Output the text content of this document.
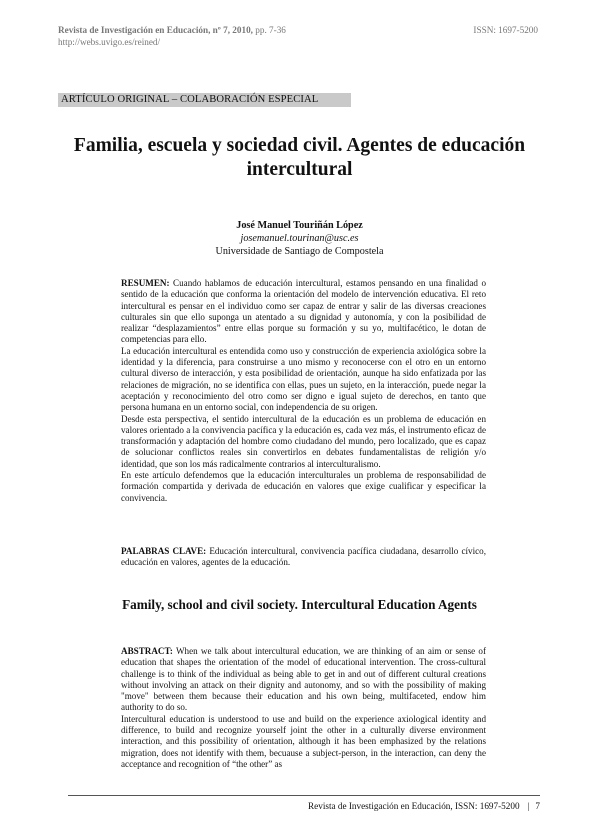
Revista de Investigación en Educación, nº 7, 2010, pp. 7-36	ISSN: 1697-5200
http://webs.uvigo.es/reined/
ARTÍCULO ORIGINAL – COLABORACIÓN ESPECIAL
Familia, escuela y sociedad civil. Agentes de educación intercultural
José Manuel Touriñán López
josemanuel.tourinan@usc.es
Universidade de Santiago de Compostela

RESUMEN: Cuando hablamos de educación intercultural, estamos pensando en una finalidad o sentido de la educación que conforma la orientación del modelo de intervención educativa. El reto intercultural es pensar en el individuo como ser capaz de entrar y salir de las diversas creaciones culturales sin que ello suponga un atentado a su dignidad y autonomía, y con la posibilidad de realizar “desplazamientos” entre ellas porque su formación y su yo, multifacético, le dotan de competencias para ello.

La educación intercultural es entendida como uso y construcción de experiencia axiológica sobre la identidad y la diferencia, para construirse a uno mismo y reconocerse con el otro en un entorno cultural diverso de interacción, y esta posibilidad de orientación, aunque ha sido enfatizada por las relaciones de migración, no se identifica con ellas, pues un sujeto, en la interacción, puede negar la aceptación y reconocimiento del otro como ser digno e igual sujeto de derechos, en tanto que persona humana en un entorno social, con independencia de su origen.

Desde esta perspectiva, el sentido intercultural de la educación es un problema de educación en valores orientado a la convivencia pacífica y la educación es, cada vez más, el instrumento eficaz de transformación y adaptación del hombre como ciudadano del mundo, pero localizado, que es capaz de solucionar conflictos reales sin convertirlos en debates fundamentalistas de religión y/o identidad, que son los más radicalmente contrarios al interculturalismo.

En este artículo defendemos que la educación interculturales un problema de responsabilidad de formación compartida y derivada de educación en valores que exige cualificar y especificar la convivencia.

PALABRAS CLAVE: Educación intercultural, convivencia pacífica ciudadana, desarrollo cívico, educación en valores, agentes de la educación.

Family, school and civil society. Intercultural Education Agents

ABSTRACT: When we talk about intercultural education, we are thinking of an aim or sense of education that shapes the orientation of the model of educational intervention. The cross-cultural challenge is to think of the individual as being able to get in and out of different cultural creations without involving an attack on their dignity and autonomy, and so with the possibility of making "move" between them because their education and his own being, multifaceted, endow him authority to do so.

Intercultural education is understood to use and build on the experience axiological identity and difference, to build and recognize yourself joint the other in a culturally diverse environment interaction, and this possibility of orientation, although it has been emphasized by the relations migration, does not identify with them, becuause a subject-person, in the interaction, can deny the acceptance and recognition of “the other” as

Revista de Investigación en Educación, ISSN: 1697-5200 | 7
